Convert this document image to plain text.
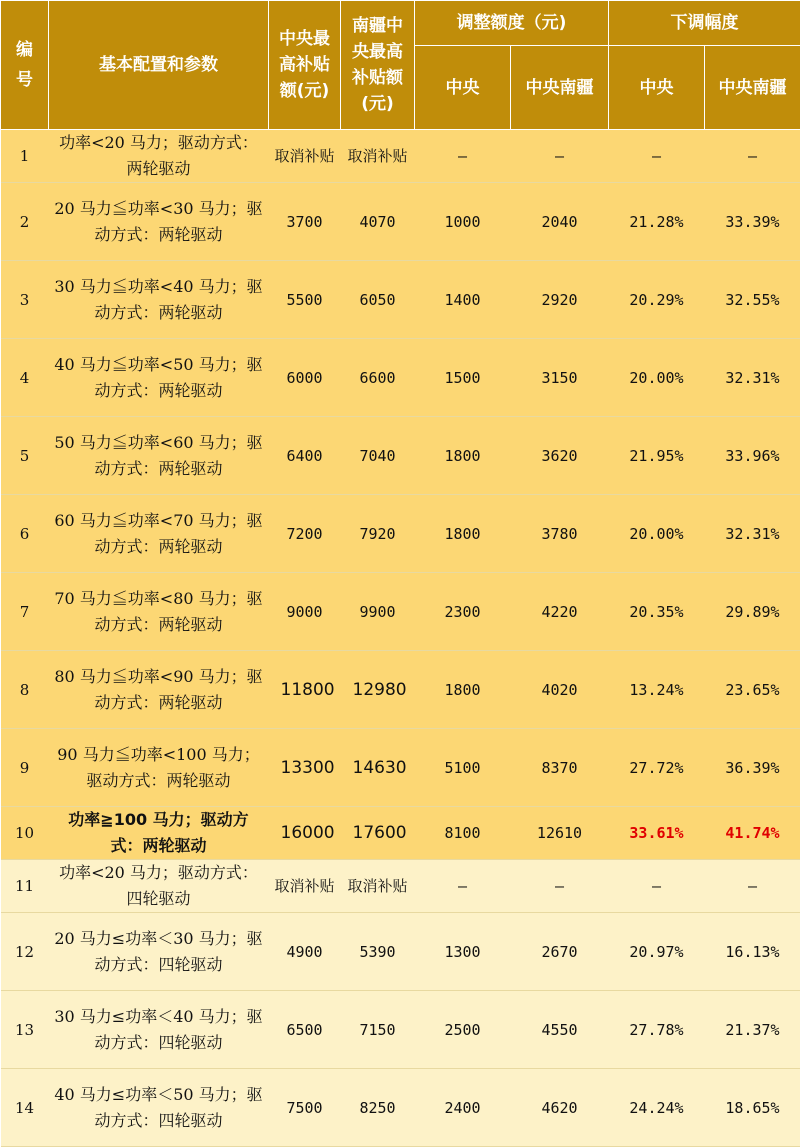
编号	基本配置和参数	中央最高补贴额(元)	南疆中央最高补贴额(元)	调整额度（元)		下调幅度	
				中央	中央南疆	中央	中央南疆
1	功率<20 马力；驱动方式：两轮驱动	取消补贴	取消补贴	–	–	–	–
2	20 马力≦功率<30 马力；驱动方式：两轮驱动	3700	4070	1000	2040	21.28%	33.39%
3	30 马力≦功率<40 马力；驱动方式：两轮驱动	5500	6050	1400	2920	20.29%	32.55%
4	40 马力≦功率<50 马力；驱动方式：两轮驱动	6000	6600	1500	3150	20.00%	32.31%
5	50 马力≦功率<60 马力；驱动方式：两轮驱动	6400	7040	1800	3620	21.95%	33.96%
6	60 马力≦功率<70 马力；驱动方式：两轮驱动	7200	7920	1800	3780	20.00%	32.31%
7	70 马力≦功率<80 马力；驱动方式：两轮驱动	9000	9900	2300	4220	20.35%	29.89%
8	80 马力≦功率<90 马力；驱动方式：两轮驱动	11800	12980	1800	4020	13.24%	23.65%
9	90 马力≦功率<100 马力；驱动方式：两轮驱动	13300	14630	5100	8370	27.72%	36.39%
10	功率≧100 马力；驱动方式：两轮驱动	16000	17600	8100	12610	33.61%	41.74%
11	功率<20 马力；驱动方式：四轮驱动	取消补贴	取消补贴	–	–	–	–
12	20 马力≤功率＜30 马力；驱动方式：四轮驱动	4900	5390	1300	2670	20.97%	16.13%
13	30 马力≤功率＜40 马力；驱动方式：四轮驱动	6500	7150	2500	4550	27.78%	21.37%
14	40 马力≤功率＜50 马力；驱动方式：四轮驱动	7500	8250	2400	4620	24.24%	18.65%
